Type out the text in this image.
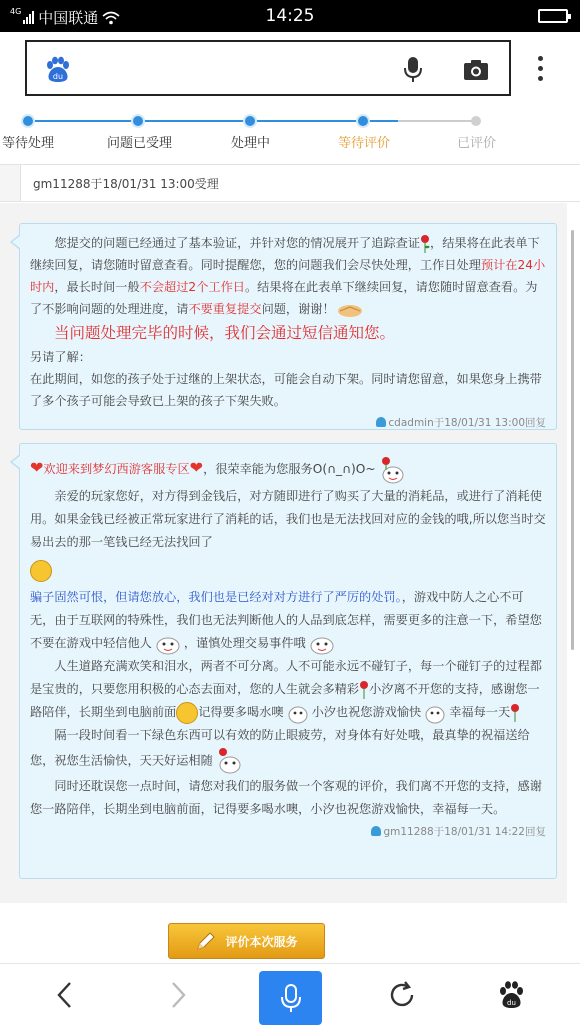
4G 中国联通	14:25
du
等待处理	问题已受理	处理中	等待评价	已评价
gm11288于18/01/31 13:00受理
您提交的问题已经通过了基本验证，并针对您的情况展开了追踪查证 ，结果将在此表单下继续回复，请您随时留意查看。同时提醒您，您的问题我们会尽快处理，工作日处理预计在24小时内，最长时间一般不会超过2个工作日。结果将在此表单下继续回复，请您随时留意查看。为了不影响问题的处理进度，请不要重复提交问题，谢谢！
当问题处理完毕的时候，我们会通过短信通知您。
另请了解：
在此期间，如您的孩子处于过继的上架状态，可能会自动下架。同时请您留意，如果您身上携带了多个孩子可能会导致已上架的孩子下架失败。
cdadmin于18/01/31 13:00回复
❤欢迎来到梦幻西游客服专区❤，很荣幸能为您服务O(∩_∩)O~
亲爱的玩家您好，对方得到金钱后，对方随即进行了购买了大量的消耗品，或进行了消耗使用。如果金钱已经被正常玩家进行了消耗的话，我们也是无法找回对应的金钱的哦,所以您当时交易出去的那一笔钱已经无法找回了
骗子固然可恨，但请您放心，我们也是已经对对方进行了严厉的处罚。，游戏中防人之心不可无，由于互联网的特殊性，我们也无法判断他人的人品到底怎样，需要更多的注意一下，希望您不要在游戏中轻信他人	，谨慎处理交易事件哦
人生道路充满欢笑和泪水，两者不可分离。人不可能永远不碰钉子，每一个碰钉子的过程都是宝贵的，只要您用积极的心态去面对，您的人生就会多精彩 小汐离不开您的支持，感谢您一路陪伴，长期坐到电脑前面 记得要多喝水噢 小汐也祝您游戏愉快 幸福每一天
隔一段时间看一下绿色东西可以有效的防止眼疲劳，对身体有好处哦，最真挚的祝福送给您，祝您生活愉快，天天好运相随
同时还耽误您一点时间，请您对我们的服务做一个客观的评价，我们离不开您的支持，感谢您一路陪伴，长期坐到电脑前面，记得要多喝水噢，小汐也祝您游戏愉快，幸福每一天。
gm11288于18/01/31 14:22回复
评价本次服务
du
